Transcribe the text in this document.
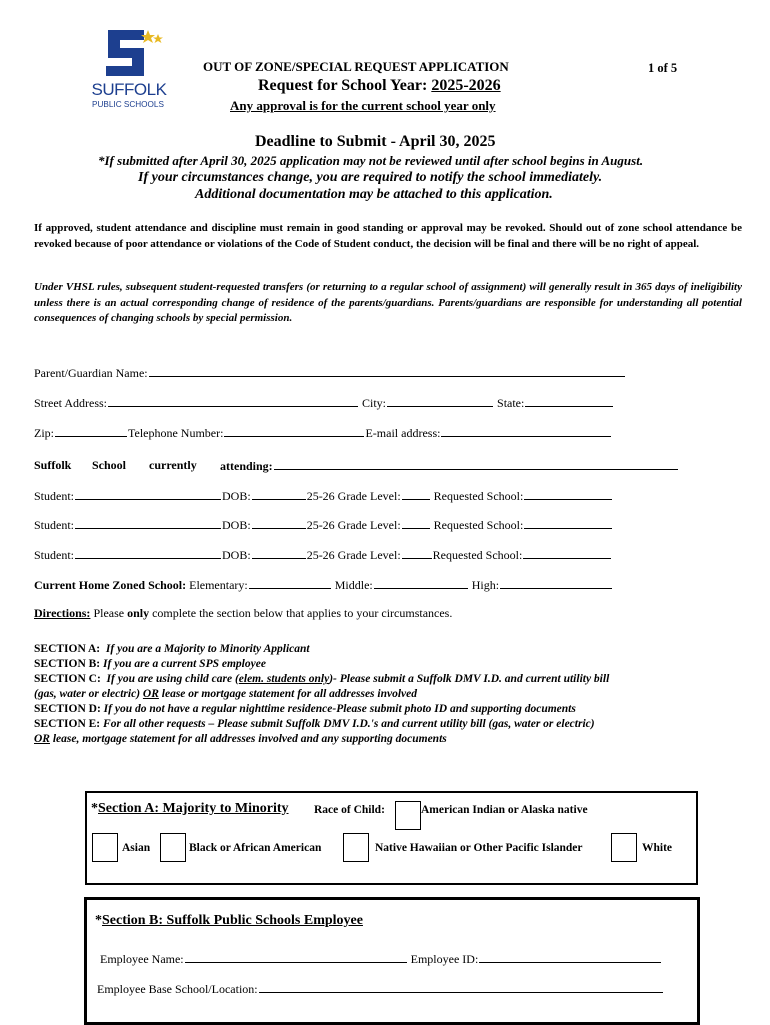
SUFFOLK
PUBLIC SCHOOLS
OUT OF ZONE/SPECIAL REQUEST APPLICATION	1 of 5
Request for School Year: 2025-2026
Any approval is for the current school year only
Deadline to Submit - April 30, 2025
*If submitted after April 30, 2025 application may not be reviewed until after school begins in August.
If your circumstances change, you are required to notify the school immediately.
Additional documentation may be attached to this application.
If approved, student attendance and discipline must remain in good standing or approval may be revoked. Should out of zone school attendance be revoked because of poor attendance or violations of the Code of Student conduct, the decision will be final and there will be no right of appeal.
Under VHSL rules, subsequent student-requested transfers (or returning to a regular school of assignment) will generally result in 365 days of ineligibility unless there is an actual corresponding change of residence of the parents/guardians. Parents/guardians are responsible for understanding all potential consequences of changing schools by special permission.
Parent/Guardian Name:
Street Address:	City:	State:
Zip:	Telephone Number:	E-mail address:
Suffolk School currently attending:
Student:	DOB:	25-26 Grade Level:	Requested School:
Student:	DOB:	25-26 Grade Level:	Requested School:
Student:	DOB:	25-26 Grade Level:	Requested School:
Current Home Zoned School: Elementary:	Middle:	High:
Directions: Please only complete the section below that applies to your circumstances.
SECTION A: If you are a Majority to Minority Applicant
SECTION B: If you are a current SPS employee
SECTION C: If you are using child care (elem. students only)- Please submit a Suffolk DMV I.D. and current utility bill
(gas, water or electric) OR lease or mortgage statement for all addresses involved
SECTION D: If you do not have a regular nighttime residence-Please submit photo ID and supporting documents
SECTION E: For all other requests – Please submit Suffolk DMV I.D.'s and current utility bill (gas, water or electric)
OR lease, mortgage statement for all addresses involved and any supporting documents
*Section A: Majority to Minority Race of Child:	American Indian or Alaska native
Asian	Black or African American	Native Hawaiian or Other Pacific Islander	White
*Section B: Suffolk Public Schools Employee
Employee Name:	Employee ID:
Employee Base School/Location:
